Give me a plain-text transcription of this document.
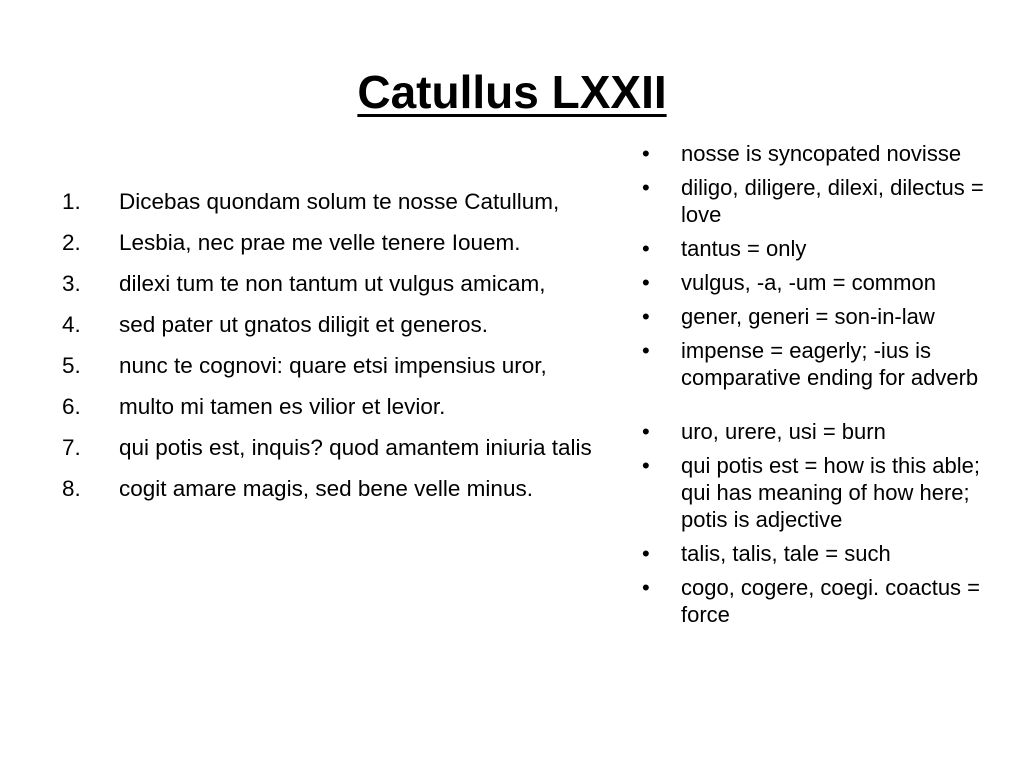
Catullus LXXII
1. Dicebas quondam solum te nosse Catullum,
2. Lesbia, nec prae me velle tenere Iouem.
3. dilexi tum te non tantum ut vulgus amicam,
4. sed pater ut gnatos diligit et generos.
5. nunc te cognovi: quare etsi impensius uror,
6. multo mi tamen es vilior et levior.
7. qui potis est, inquis? quod amantem iniuria talis
8. cogit amare magis, sed bene velle minus.
• nosse is syncopated novisse
• diligo, diligere, dilexi, dilectus = love
• tantus = only
• vulgus, -a, -um = common
• gener, generi = son-in-law
• impense = eagerly; -ius is comparative ending for adverb
• uro, urere, usi = burn
• qui potis est = how is this able; qui has meaning of how here; potis is adjective
• talis, talis, tale = such
• cogo, cogere, coegi. coactus = force
